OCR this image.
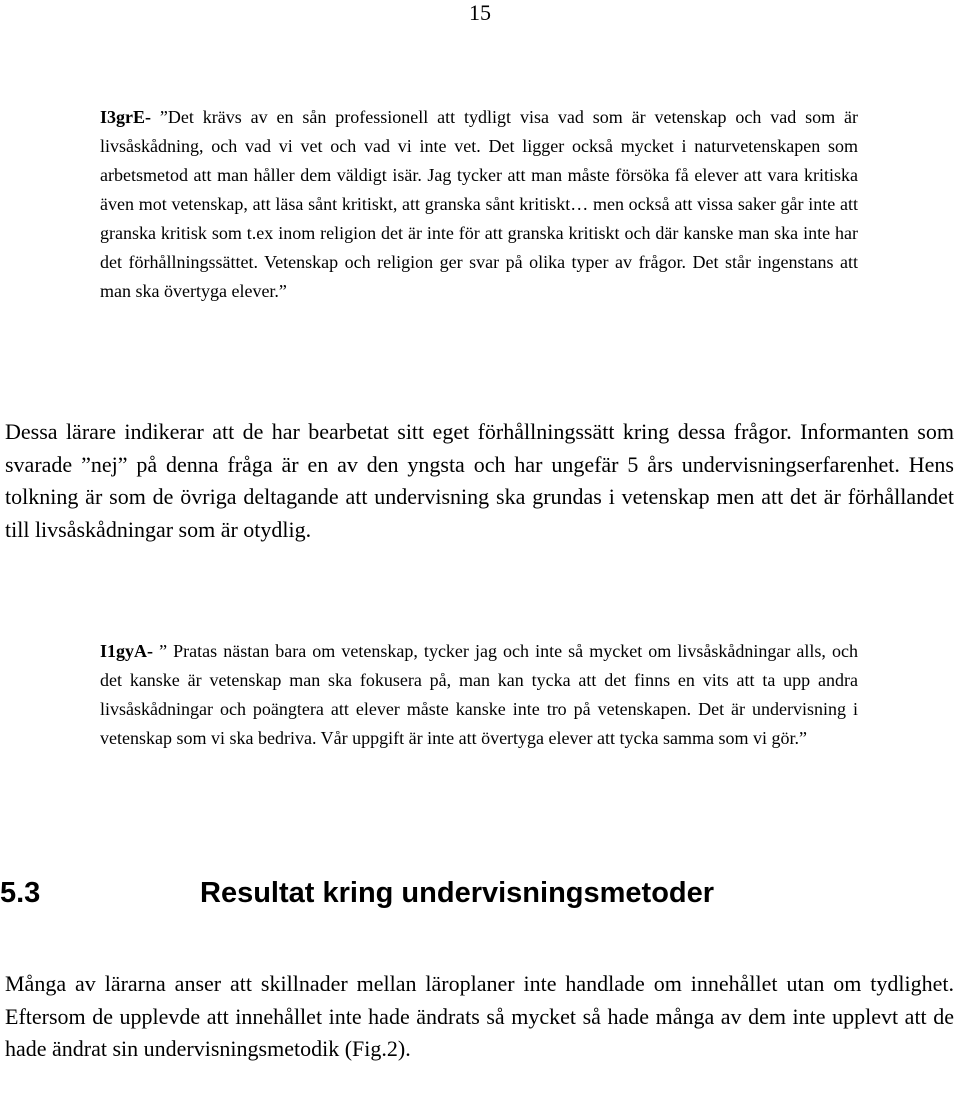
15

I3grE- ”Det krävs av en sån professionell att tydligt visa vad som är vetenskap och vad som är livsåskådning, och vad vi vet och vad vi inte vet. Det ligger också mycket i naturvetenskapen som arbetsmetod att man håller dem väldigt isär. Jag tycker att man måste försöka få elever att vara kritiska även mot vetenskap, att läsa sånt kritiskt, att granska sånt kritiskt… men också att vissa saker går inte att granska kritisk som t.ex inom religion det är inte för att granska kritiskt och där kanske man ska inte har det förhållningssättet. Vetenskap och religion ger svar på olika typer av frågor. Det står ingenstans att man ska övertyga elever.”

Dessa lärare indikerar att de har bearbetat sitt eget förhållningssätt kring dessa frågor. Informanten som svarade ”nej” på denna fråga är en av den yngsta och har ungefär 5 års undervisningserfarenhet. Hens tolkning är som de övriga deltagande att undervisning ska grundas i vetenskap men att det är förhållandet till livsåskådningar som är otydlig.

I1gyA- ” Pratas nästan bara om vetenskap, tycker jag och inte så mycket om livsåskådningar alls, och det kanske är vetenskap man ska fokusera på, man kan tycka att det finns en vits att ta upp andra livsåskådningar och poängtera att elever måste kanske inte tro på vetenskapen. Det är undervisning i vetenskap som vi ska bedriva. Vår uppgift är inte att övertyga elever att tycka samma som vi gör.”

5.3	Resultat kring undervisningsmetoder

Många av lärarna anser att skillnader mellan läroplaner inte handlade om innehållet utan om tydlighet. Eftersom de upplevde att innehållet inte hade ändrats så mycket så hade många av dem inte upplevt att de hade ändrat sin undervisningsmetodik (Fig.2).
